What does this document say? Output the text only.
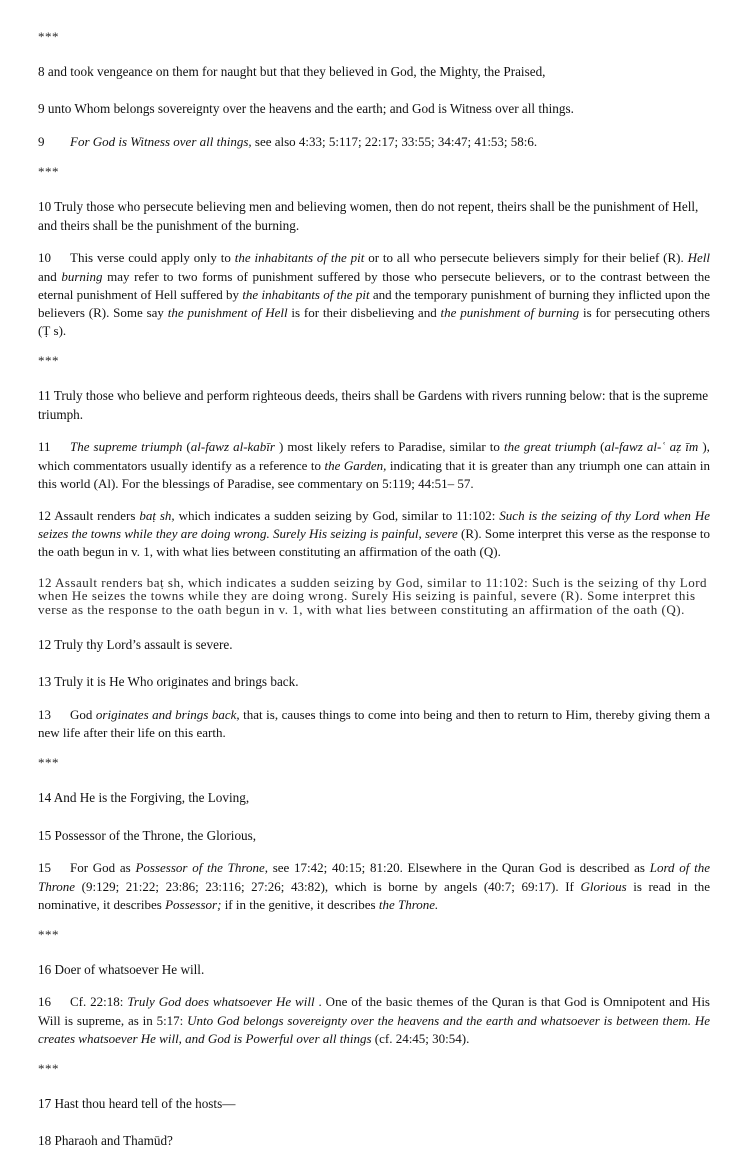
***

8 and took vengeance on them for naught but that they believed in God, the Mighty, the Praised,

9 unto Whom belongs sovereignty over the heavens and the earth; and God is Witness over all things.

9 For God is Witness over all things, see also 4:33; 5:117; 22:17; 33:55; 34:47; 41:53; 58:6.

***

10 Truly those who persecute believing men and believing women, then do not repent, theirs shall be the punishment of Hell, and theirs shall be the punishment of the burning.

10 This verse could apply only to the inhabitants of the pit or to all who persecute believers simply for their belief (R). Hell and burning may refer to two forms of punishment suffered by those who persecute believers, or to the contrast between the eternal punishment of Hell suffered by the inhabitants of the pit and the temporary punishment of burning they inflicted upon the believers (R). Some say the punishment of Hell is for their disbelieving and the punishment of burning is for persecuting others (Ṭ s).

***

11 Truly those who believe and perform righteous deeds, theirs shall be Gardens with rivers running below: that is the supreme triumph.

11 The supreme triumph (al-fawz al-kabīr ) most likely refers to Paradise, similar to the great triumph (al-fawz al-ʿ aẓ īm ), which commentators usually identify as a reference to the Garden, indicating that it is greater than any triumph one can attain in this world (Al). For the blessings of Paradise, see commentary on 5:119; 44:51– 57.

12 Assault renders baṭ sh, which indicates a sudden seizing by God, similar to 11:102: Such is the seizing of thy Lord when He seizes the towns while they are doing wrong. Surely His seizing is painful, severe (R). Some interpret this verse as the response to the oath begun in v. 1, with what lies between constituting an affirmation of the oath (Q).

12 Assault renders baṭ sh, which indicates a sudden seizing by God, similar to 11:102: Such is the seizing of thy Lord when He seizes the towns while they are doing wrong. Surely His seizing is painful, severe (R). Some interpret this verse as the response to the oath begun in v. 1, with what lies between constituting an affirmation of the oath (Q).

12 Truly thy Lord’s assault is severe.

13 Truly it is He Who originates and brings back.

13 God originates and brings back, that is, causes things to come into being and then to return to Him, thereby giving them a new life after their life on this earth.

***

14 And He is the Forgiving, the Loving,

15 Possessor of the Throne, the Glorious,

15 For God as Possessor of the Throne, see 17:42; 40:15; 81:20. Elsewhere in the Quran God is described as Lord of the Throne (9:129; 21:22; 23:86; 23:116; 27:26; 43:82), which is borne by angels (40:7; 69:17). If Glorious is read in the nominative, it describes Possessor; if in the genitive, it describes the Throne.

***

16 Doer of whatsoever He will.

16 Cf. 22:18: Truly God does whatsoever He will . One of the basic themes of the Quran is that God is Omnipotent and His Will is supreme, as in 5:17: Unto God belongs sovereignty over the heavens and the earth and whatsoever is between them. He creates whatsoever He will, and God is Powerful over all things (cf. 24:45; 30:54).

***

17 Hast thou heard tell of the hosts—

18 Pharaoh and Thamūd?
